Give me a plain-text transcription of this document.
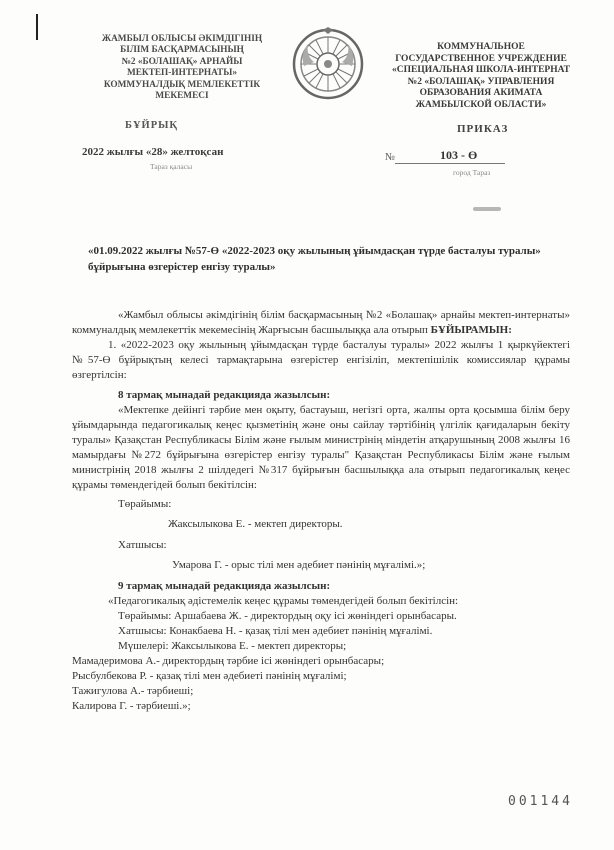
ЖАМБЫЛ ОБЛЫСЫ ӘКІМДІГІНІҢ
БІЛІМ БАСҚАРМАСЫНЫҢ
№2 «БОЛАШАҚ» АРНАЙЫ
МЕКТЕП-ИНТЕРНАТЫ»
КОММУНАЛДЫҚ МЕМЛЕКЕТТІК
МЕКЕМЕСІ
КОММУНАЛЬНОЕ
ГОСУДАРСТВЕННОЕ УЧРЕЖДЕНИЕ
«СПЕЦИАЛЬНАЯ ШКОЛА-ИНТЕРНАТ
№2 «БОЛАШАҚ» УПРАВЛЕНИЯ
ОБРАЗОВАНИЯ АКИМАТА
ЖАМБЫЛСКОЙ ОБЛАСТИ»
БҰЙРЫҚ	ПРИКАЗ
2022 жылғы «28» желтоқсан
Тараз қаласы
№	103 - Ө
город Тараз
«01.09.2022 жылғы №57-Ө «2022-2023 оқу жылының ұйымдасқан түрде басталуы туралы» бұйрығына өзгерістер енгізу туралы»

«Жамбыл облысы әкімдігінің білім басқармасының №2 «Болашақ» арнайы мектеп-интернаты» коммуналдық мемлекеттік мекемесінің Жарғысын басшылыққа ала отырып БҰЙЫРАМЫН:

1. «2022-2023 оқу жылының ұйымдасқан түрде басталуы туралы» 2022 жылғы 1 қыркүйектегі №57-Ө бұйрықтың келесі тармақтарына өзгерістер енгізіліп, мектепішілік комиссиялар құрамы өзгертілсін:

8 тармақ мынадай редакцияда жазылсын:

«Мектепке дейінгі тәрбие мен оқыту, бастауыш, негізгі орта, жалпы орта қосымша білім беру ұйымдарында педагогикалық кеңес қызметінің және оны сайлау тәртібінің үлгілік қағидаларын бекіту туралы» Қазақстан Республикасы Білім және ғылым министрінің міндетін атқарушының 2008 жылғы 16 мамырдағы №272 бұйрығына өзгерістер енгізу туралы" Қазақстан Республикасы Білім және ғылым министрінің 2018 жылғы 2 шілдедегі №317 бұйрығын басшылыққа ала отырып педагогикалық кеңес құрамы төмендегідей болып бекітілсін:

Төрайымы:

Жаксылыкова Е. - мектеп директоры.

Хатшысы:

Умарова Г. - орыс тілі мен әдебиет пәнінің мұғалімі.»;

9 тармақ мынадай редакцияда жазылсын:

«Педагогикалық әдістемелік кеңес құрамы төмендегідей болып бекітілсін:

Төрайымы: Аршабаева Ж. - директордың оқу ісі жөніндегі орынбасары.

Хатшысы: Конакбаева Н. - қазақ тілі мен әдебиет пәнінің мұғалімі.

Мүшелері: Жаксылыкова Е. - мектеп директоры;

Мамадеримова А.- директордың тәрбие ісі жөніндегі орынбасары;

Рысбулбекова Р. - қазақ тілі мен әдебиеті пәнінің мұғалімі;

Тажигулова А.- тәрбиеші;

Калирова Г. - тәрбиеші.»;

001144
